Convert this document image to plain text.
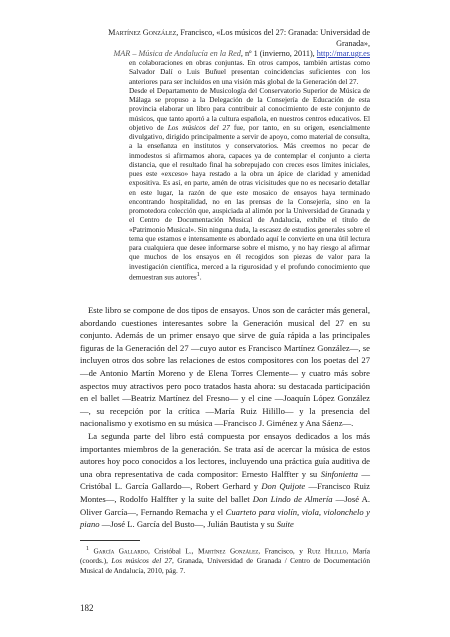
Martínez González, Francisco, «Los músicos del 27: Granada: Universidad de Granada»,
MAR – Música de Andalucía en la Red, nº 1 (invierno, 2011), http://mar.ugr.es

en colaboraciones en obras conjuntas. En otros campos, también artistas como Salvador Dalí o Luis Buñuel presentan coincidencias suficientes con los anteriores para ser incluidos en una visión más global de la Generación del 27.

Desde el Departamento de Musicología del Conservatorio Superior de Música de Málaga se propuso a la Delegación de la Consejería de Educación de esta provincia elaborar un libro para contribuir al conocimiento de este conjunto de músicos, que tanto aportó a la cultura española, en nuestros centros educativos. El objetivo de Los músicos del 27 fue, por tanto, en su origen, esencialmente divulgativo, dirigido principalmente a servir de apoyo, como material de consulta, a la enseñanza en institutos y conservatorios. Más creemos no pecar de inmodestos si afirmamos ahora, capaces ya de contemplar el conjunto a cierta distancia, que el resultado final ha sobrepujado con creces esos límites iniciales, pues este «exceso» haya restado a la obra un ápice de claridad y amenidad expositiva. Es así, en parte, amén de otras vicisitudes que no es necesario detallar en este lugar, la razón de que este mosaico de ensayos haya terminado encontrando hospitalidad, no en las prensas de la Consejería, sino en la promotedora colección que, auspiciada al alimón por la Universidad de Granada y el Centro de Documentación Musical de Andalucía, exhibe el título de «Patrimonio Musical». Sin ninguna duda, la escasez de estudios generales sobre el tema que estamos e intensamente es abordado aquí le convierte en una útil lectura para cualquiera que desee informarse sobre el mismo, y no hay riesgo al afirmar que muchos de los ensayos en él recogidos son piezas de valor para la investigación científica, merced a la rigurosidad y el profundo conocimiento que demuestran sus autores$^1$.

Este libro se compone de dos tipos de ensayos. Unos son de carácter más general, abordando cuestiones interesantes sobre la Generación musical del 27 en su conjunto. Además de un primer ensayo que sirve de guía rápida a las principales figuras de la Generación del 27 —cuyo autor es Francisco Martínez González—, se incluyen otros dos sobre las relaciones de estos compositores con los poetas del 27 —de Antonio Martín Moreno y de Elena Torres Clemente— y cuatro más sobre aspectos muy atractivos pero poco tratados hasta ahora: su destacada participación en el ballet —Beatriz Martínez del Fresno— y el cine —Joaquín López González—, su recepción por la crítica —María Ruiz Hilillo— y la presencia del nacionalismo y exotismo en su música —Francisco J. Giménez y Ana Sáenz—.

La segunda parte del libro está compuesta por ensayos dedicados a los más importantes miembros de la generación. Se trata así de acercar la música de estos autores hoy poco conocidos a los lectores, incluyendo una práctica guía auditiva de una obra representativa de cada compositor: Ernesto Halffter y su Sinfonietta —Cristóbal L. García Gallardo—, Robert Gerhard y Don Quijote —Francisco Ruiz Montes—, Rodolfo Halffter y la suite del ballet Don Lindo de Almería —José A. Oliver García—, Fernando Remacha y el Cuarteto para violín, viola, violonchelo y piano —José L. García del Busto—, Julián Bautista y su Suite

$^1$ García Gallardo, Cristóbal L., Martínez González, Francisco, y Ruiz Hilillo, María (coords.), Los músicos del 27, Granada, Universidad de Granada / Centro de Documentación Musical de Andalucía, 2010, pág. 7.

182
